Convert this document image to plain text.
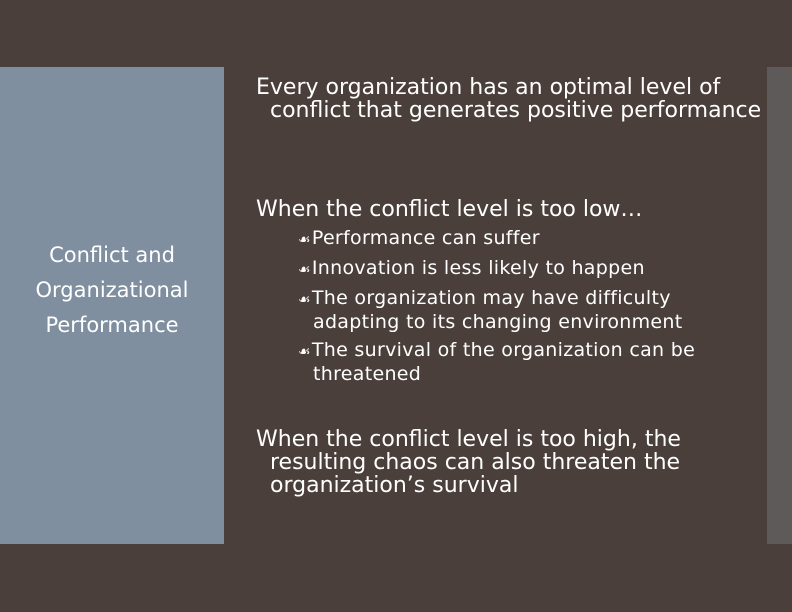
Conflict and
Organizational
Performance
Every organization has an optimal level of conflict that generates positive performance
When the conflict level is too low…
☙Performance can suffer
☙Innovation is less likely to happen
☙The organization may have difficulty adapting to its changing environment
☙The survival of the organization can be threatened
When the conflict level is too high, the resulting chaos can also threaten the organization’s survival
